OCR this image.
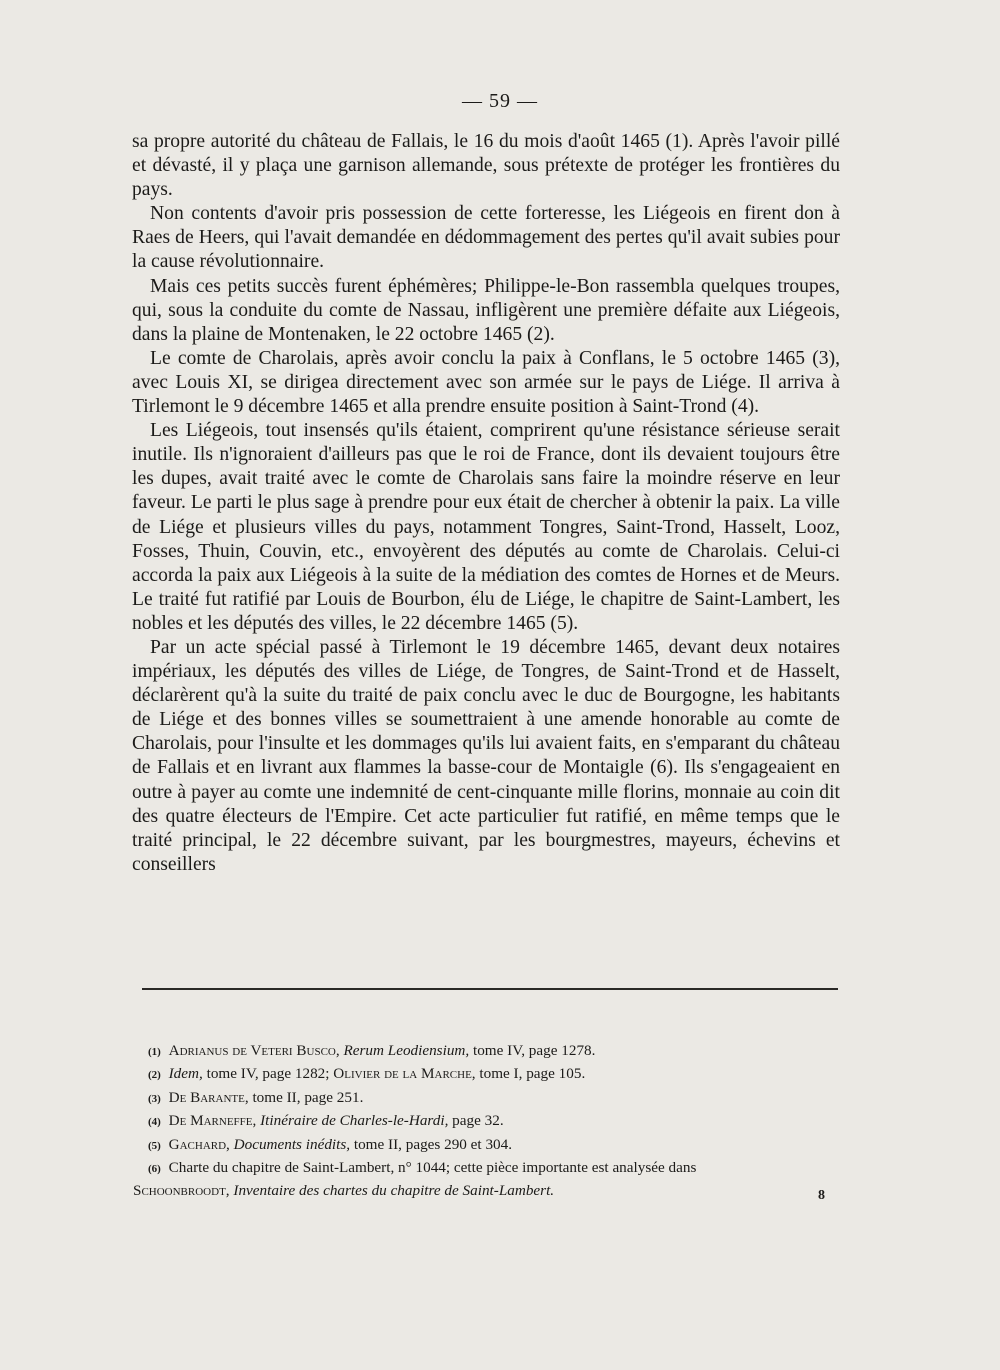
— 59 —

sa propre autorité du château de Fallais, le 16 du mois d'août 1465 (1). Après l'avoir pillé et dévasté, il y plaça une garnison allemande, sous prétexte de protéger les frontières du pays.

Non contents d'avoir pris possession de cette forteresse, les Liégeois en firent don à Raes de Heers, qui l'avait demandée en dédommagement des pertes qu'il avait subies pour la cause révolutionnaire.

Mais ces petits succès furent éphémères; Philippe-le-Bon rassembla quelques troupes, qui, sous la conduite du comte de Nassau, infligèrent une première défaite aux Liégeois, dans la plaine de Montenaken, le 22 octobre 1465 (2).

Le comte de Charolais, après avoir conclu la paix à Conflans, le 5 octobre 1465 (3), avec Louis XI, se dirigea directement avec son armée sur le pays de Liége. Il arriva à Tirlemont le 9 décembre 1465 et alla prendre ensuite position à Saint-Trond (4).

Les Liégeois, tout insensés qu'ils étaient, comprirent qu'une résistance sérieuse serait inutile. Ils n'ignoraient d'ailleurs pas que le roi de France, dont ils devaient toujours être les dupes, avait traité avec le comte de Charolais sans faire la moindre réserve en leur faveur. Le parti le plus sage à prendre pour eux était de chercher à obtenir la paix. La ville de Liége et plusieurs villes du pays, notamment Tongres, Saint-Trond, Hasselt, Looz, Fosses, Thuin, Couvin, etc., envoyèrent des députés au comte de Charolais. Celui-ci accorda la paix aux Liégeois à la suite de la médiation des comtes de Hornes et de Meurs. Le traité fut ratifié par Louis de Bourbon, élu de Liége, le chapitre de Saint-Lambert, les nobles et les députés des villes, le 22 décembre 1465 (5).

Par un acte spécial passé à Tirlemont le 19 décembre 1465, devant deux notaires impériaux, les députés des villes de Liége, de Tongres, de Saint-Trond et de Hasselt, déclarèrent qu'à la suite du traité de paix conclu avec le duc de Bourgogne, les habitants de Liége et des bonnes villes se soumettraient à une amende honorable au comte de Charolais, pour l'insulte et les dommages qu'ils lui avaient faits, en s'emparant du château de Fallais et en livrant aux flammes la basse-cour de Montaigle (6). Ils s'engageaient en outre à payer au comte une indemnité de cent-cinquante mille florins, monnaie au coin dit des quatre électeurs de l'Empire. Cet acte particulier fut ratifié, en même temps que le traité principal, le 22 décembre suivant, par les bourgmestres, mayeurs, échevins et conseillers

(1) Adrianus de Veteri Busco, Rerum Leodiensium, tome IV, page 1278.

(2) Idem, tome IV, page 1282; Olivier de la Marche, tome I, page 105.

(3) De Barante, tome II, page 251.

(4) De Marneffe, Itinéraire de Charles-le-Hardi, page 32.

(5) Gachard, Documents inédits, tome II, pages 290 et 304.

(6) Charte du chapitre de Saint-Lambert, n° 1044; cette pièce importante est analysée dans
Schoonbroodt, Inventaire des chartes du chapitre de Saint-Lambert.	8
